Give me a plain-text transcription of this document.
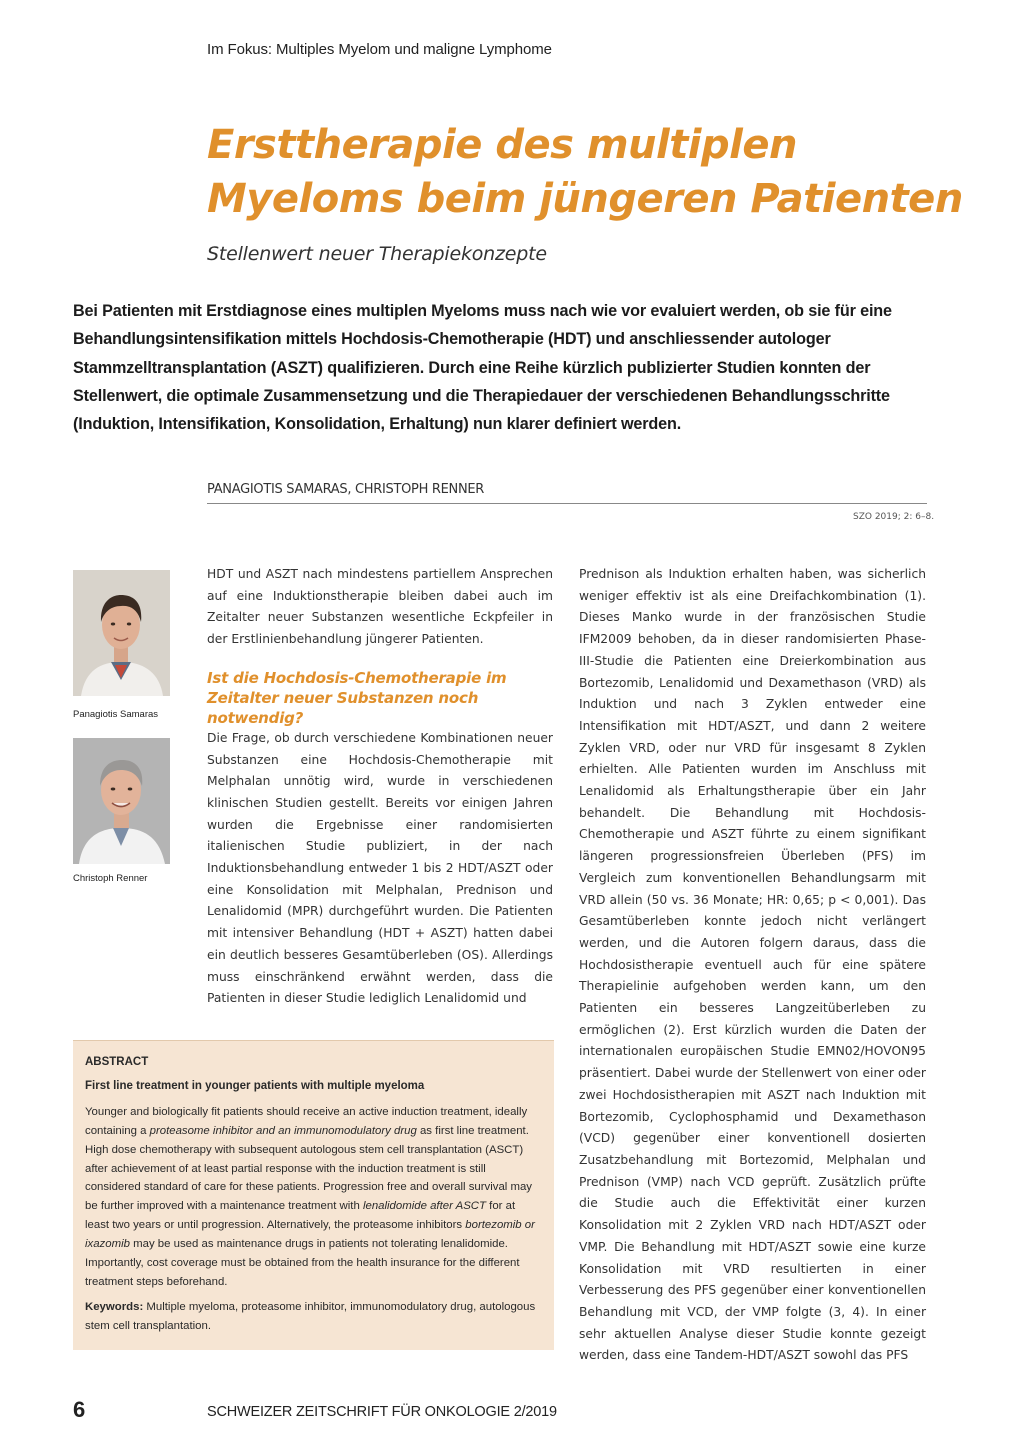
Im Fokus: Multiples Myelom und maligne Lymphome
Ersttherapie des multiplen
Myeloms beim jüngeren Patienten
Stellenwert neuer Therapiekonzepte
Bei Patienten mit Erstdiagnose eines multiplen Myeloms muss nach wie vor evaluiert werden, ob sie für eine Behandlungsintensifikation mittels Hochdosis-Chemotherapie (HDT) und anschliessender autologer Stammzelltransplantation (ASZT) qualifizieren. Durch eine Reihe kürzlich publizierter Studien konnten der Stellenwert, die optimale Zusammensetzung und die Therapiedauer der verschiedenen Behandlungsschritte (Induktion, Intensifikation, Konsolidation, Erhaltung) nun klarer definiert werden.
PANAGIOTIS SAMARAS, CHRISTOPH RENNER
SZO 2019; 2: 6–8.
Panagiotis Samaras
Christoph Renner

HDT und ASZT nach mindestens partiellem Ansprechen auf eine Induktionstherapie bleiben dabei auch im Zeitalter neuer Substanzen wesentliche Eckpfeiler in der Erstlinienbehandlung jüngerer Patienten.

Ist die Hochdosis-Chemotherapie im Zeitalter neuer Substanzen noch notwendig?

Die Frage, ob durch verschiedene Kombinationen neuer Substanzen eine Hochdosis-Chemotherapie mit Melphalan unnötig wird, wurde in verschiedenen klinischen Studien gestellt. Bereits vor einigen Jahren wurden die Ergebnisse einer randomisierten italienischen Studie publiziert, in der nach Induktionsbehandlung entweder 1 bis 2 HDT/ASZT oder eine Konsolidation mit Melphalan, Prednison und Lenalidomid (MPR) durchgeführt wurden. Die Patienten mit intensiver Behandlung (HDT + ASZT) hatten dabei ein deutlich besseres Gesamtüberleben (OS). Allerdings muss einschränkend erwähnt werden, dass die Patienten in dieser Studie lediglich Lenalidomid und

Prednison als Induktion erhalten haben, was sicherlich weniger effektiv ist als eine Dreifachkombination (1). Dieses Manko wurde in der französischen Studie IFM2009 behoben, da in dieser randomisierten Phase-III-Studie die Patienten eine Dreierkombination aus Bortezomib, Lenalidomid und Dexamethason (VRD) als Induktion und nach 3 Zyklen entweder eine Intensifikation mit HDT/ASZT, und dann 2 weitere Zyklen VRD, oder nur VRD für insgesamt 8 Zyklen erhielten. Alle Patienten wurden im Anschluss mit Lenalidomid als Erhaltungstherapie über ein Jahr behandelt. Die Behandlung mit Hochdosis-Chemotherapie und ASZT führte zu einem signifikant längeren progressionsfreien Überleben (PFS) im Vergleich zum konventionellen Behandlungsarm mit VRD allein (50 vs. 36 Monate; HR: 0,65; p < 0,001). Das Gesamtüberleben konnte jedoch nicht verlängert werden, und die Autoren folgern daraus, dass die Hochdosistherapie eventuell auch für eine spätere Therapielinie aufgehoben werden kann, um den Patienten ein besseres Langzeitüberleben zu ermöglichen (2). Erst kürzlich wurden die Daten der internationalen europäischen Studie EMN02/HOVON95 präsentiert. Dabei wurde der Stellenwert von einer oder zwei Hochdosistherapien mit ASZT nach Induktion mit Bortezomib, Cyclophosphamid und Dexamethason (VCD) gegenüber einer konventionell dosierten Zusatzbehandlung mit Bortezomid, Melphalan und Prednison (VMP) nach VCD geprüft. Zusätzlich prüfte die Studie auch die Effektivität einer kurzen Konsolidation mit 2 Zyklen VRD nach HDT/ASZT oder VMP. Die Behandlung mit HDT/ASZT sowie eine kurze Konsolidation mit VRD resultierten in einer Verbesserung des PFS gegenüber einer konventionellen Behandlung mit VCD, der VMP folgte (3, 4). In einer sehr aktuellen Analyse dieser Studie konnte gezeigt werden, dass eine Tandem-HDT/ASZT sowohl das PFS

ABSTRACT
First line treatment in younger patients with multiple myeloma
Younger and biologically fit patients should receive an active induction treatment, ideally containing a proteasome inhibitor and an immunomodulatory drug as first line treatment. High dose chemotherapy with subsequent autologous stem cell transplantation (ASCT) after achievement of at least partial response with the induction treatment is still considered standard of care for these patients. Progression free and overall survival may be further improved with a maintenance treatment with lenalidomide after ASCT for at least two years or until progression. Alternatively, the proteasome inhibitors bortezomib or ixazomib may be used as maintenance drugs in patients not tolerating lenalidomide. Importantly, cost coverage must be obtained from the health insurance for the different treatment steps beforehand.
Keywords: Multiple myeloma, proteasome inhibitor, immunomodulatory drug, autologous stem cell transplantation.
6	SCHWEIZER ZEITSCHRIFT FÜR ONKOLOGIE 2/2019
